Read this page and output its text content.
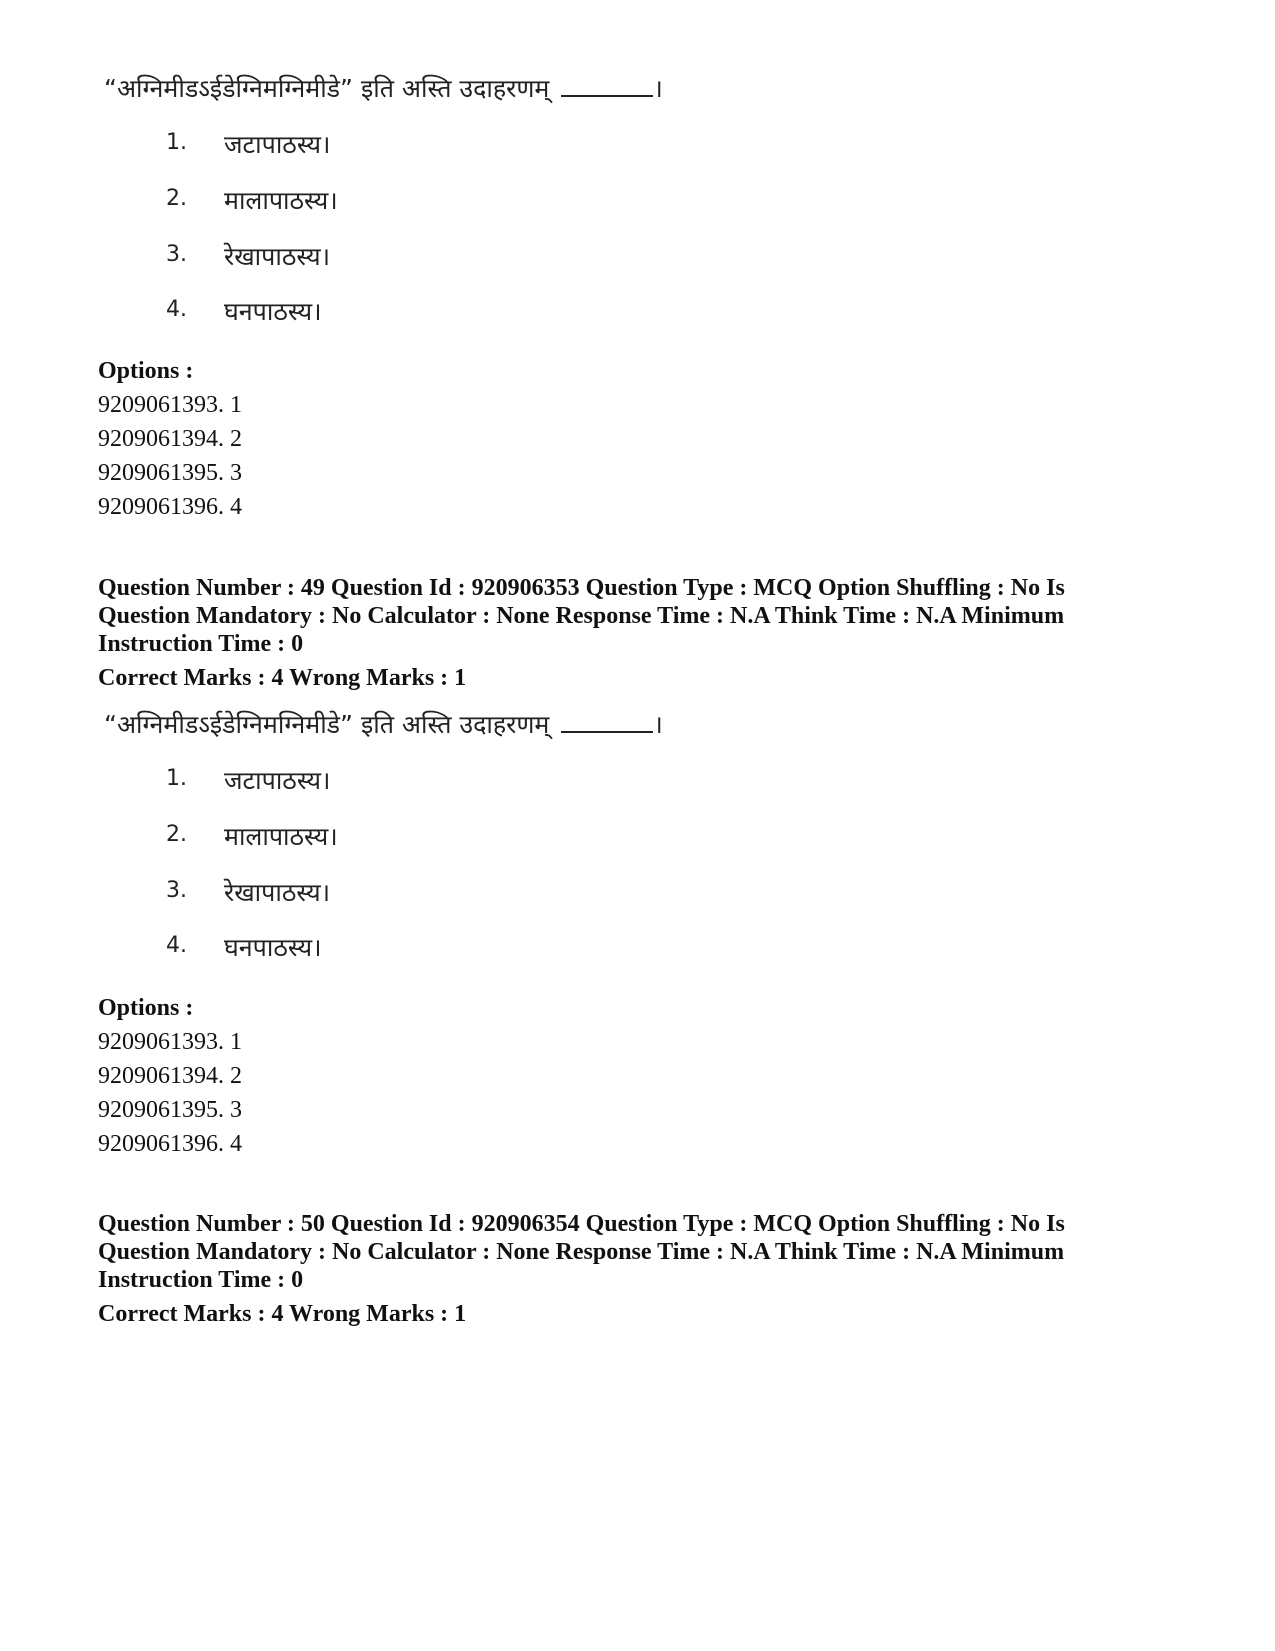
“अग्निमीडऽईडेग्निमग्निमीडे” इति अस्ति उदाहरणम्	।
1.	जटापाठस्य।
2.	मालापाठस्य।
3.	रेखापाठस्य।
4.	घनपाठस्य।
Options :
9209061393. 1
9209061394. 2
9209061395. 3
9209061396. 4
Question Number : 49 Question Id : 920906353 Question Type : MCQ Option Shuffling : No Is
Question Mandatory : No Calculator : None Response Time : N.A Think Time : N.A Minimum
Instruction Time : 0
Correct Marks : 4 Wrong Marks : 1
“अग्निमीडऽईडेग्निमग्निमीडे” इति अस्ति उदाहरणम्	।
1.	जटापाठस्य।
2.	मालापाठस्य।
3.	रेखापाठस्य।
4.	घनपाठस्य।
Options :
9209061393. 1
9209061394. 2
9209061395. 3
9209061396. 4
Question Number : 50 Question Id : 920906354 Question Type : MCQ Option Shuffling : No Is
Question Mandatory : No Calculator : None Response Time : N.A Think Time : N.A Minimum
Instruction Time : 0
Correct Marks : 4 Wrong Marks : 1
